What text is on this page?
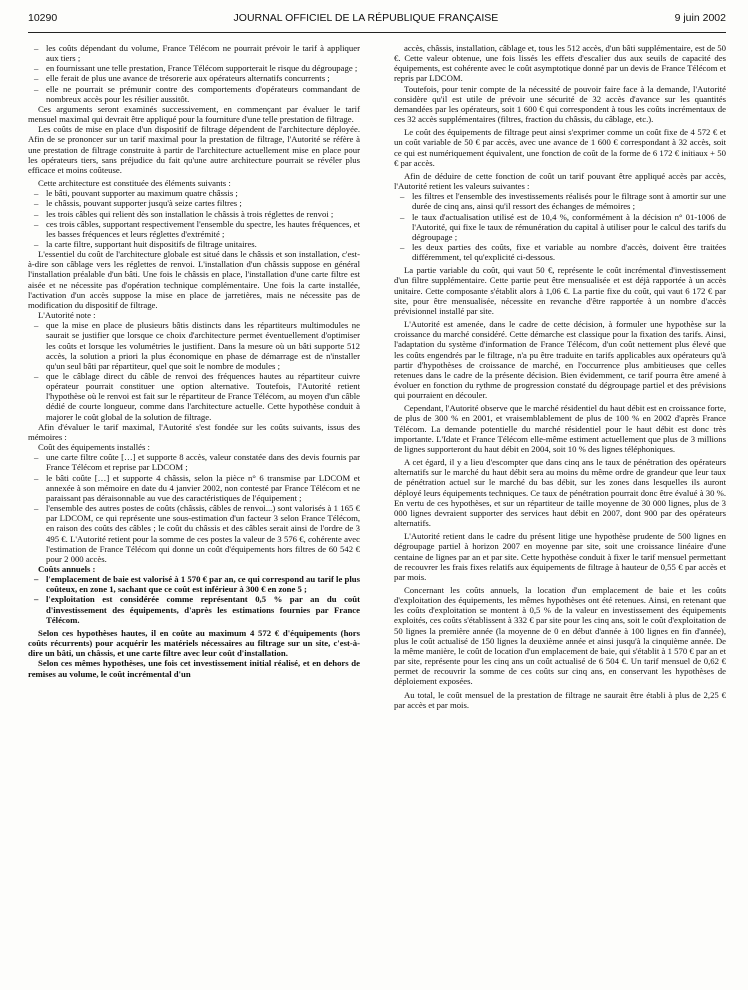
10290	JOURNAL OFFICIEL DE LA RÉPUBLIQUE FRANÇAISE	9 juin 2002
– les coûts dépendant du volume, France Télécom ne pourrait prévoir le tarif à appliquer aux tiers ;
– en fournissant une telle prestation, France Télécom supporterait le risque du dégroupage ;
– elle ferait de plus une avance de trésorerie aux opérateurs alternatifs concurrents ;
– elle ne pourrait se prémunir contre des comportements d'opérateurs commandant de nombreux accès pour les résilier aussitôt.

Ces arguments seront examinés successivement, en commençant par évaluer le tarif mensuel maximal qui devrait être appliqué pour la fourniture d'une telle prestation de filtrage.

Les coûts de mise en place d'un dispositif de filtrage dépendent de l'architecture déployée. Afin de se prononcer sur un tarif maximal pour la prestation de filtrage, l'Autorité se réfère à une prestation de filtrage construite à partir de l'architecture actuellement mise en place pour les opérateurs tiers, sans préjudice du fait qu'une autre architecture pourrait se révéler plus efficace et moins coûteuse.

Cette architecture est constituée des éléments suivants :

– le bâti, pouvant supporter au maximum quatre châssis ;
– le châssis, pouvant supporter jusqu'à seize cartes filtres ;
– les trois câbles qui relient dès son installation le châssis à trois réglettes de renvoi ;
– ces trois câbles, supportant respectivement l'ensemble du spectre, les hautes fréquences, et les basses fréquences et leurs réglettes d'extrémité ;
– la carte filtre, supportant huit dispositifs de filtrage unitaires.

L'essentiel du coût de l'architecture globale est situé dans le châssis et son installation, c'est-à-dire son câblage vers les réglettes de renvoi. L'installation d'un châssis suppose en général l'installation préalable d'un bâti. Une fois le châssis en place, l'installation d'une carte filtre est aisée et ne nécessite pas d'opération technique complémentaire. Une fois la carte installée, l'activation d'un accès suppose la mise en place de jarretières, mais ne nécessite pas de modification du dispositif de filtrage.

L'Autorité note :

– que la mise en place de plusieurs bâtis distincts dans les répartiteurs multimodules ne saurait se justifier que lorsque ce choix d'architecture permet éventuellement d'optimiser les coûts et lorsque les volumétries le justifient. Dans la mesure où un bâti supporte 512 accès, la solution a priori la plus économique en phase de démarrage est de n'installer qu'un seul bâti par répartiteur, quel que soit le nombre de modules ;
– que le câblage direct du câble de renvoi des fréquences hautes au répartiteur cuivre opérateur pourrait constituer une option alternative. Toutefois, l'Autorité retient l'hypothèse où le renvoi est fait sur le répartiteur de France Télécom, au moyen d'un câble dédié de courte longueur, comme dans l'architecture actuelle. Cette hypothèse conduit à majorer le coût global de la solution de filtrage.

Afin d'évaluer le tarif maximal, l'Autorité s'est fondée sur les coûts suivants, issus des mémoires :

Coût des équipements installés :

– une carte filtre coûte […] et supporte 8 accès, valeur constatée dans des devis fournis par France Télécom et reprise par LDCOM ;
– le bâti coûte […] et supporte 4 châssis, selon la pièce n° 6 transmise par LDCOM et annexée à son mémoire en date du 4 janvier 2002, non contesté par France Télécom et ne paraissant pas déraisonnable au vue des caractéristiques de l'équipement ;
– l'ensemble des autres postes de coûts (châssis, câbles de renvoi...) sont valorisés à 1 165 € par LDCOM, ce qui représente une sous-estimation d'un facteur 3 selon France Télécom, en raison des coûts des câbles ; le coût du châssis et des câbles serait ainsi de l'ordre de 3 495 €. L'Autorité retient pour la somme de ces postes la valeur de 3 576 €, cohérente avec l'estimation de France Télécom qui donne un coût d'équipements hors filtres de 60 542 € pour 2 000 accès.

Coûts annuels :

– l'emplacement de baie est valorisé à 1 570 € par an, ce qui correspond au tarif le plus coûteux, en zone 1, sachant que ce coût est inférieur à 300 € en zone 5 ;
– l'exploitation est considérée comme représentant 0,5 % par an du coût d'investissement des équipements, d'après les estimations fournies par France Télécom.

Selon ces hypothèses hautes, il en coûte au maximum 4 572 € d'équipements (hors coûts récurrents) pour acquérir les matériels nécessaires au filtrage sur un site, c'est-à-dire un bâti, un châssis, et une carte filtre avec leur coût d'installation.

Selon ces mêmes hypothèses, une fois cet investissement initial réalisé, et en dehors de remises au volume, le coût incrémental d'un

accès, châssis, installation, câblage et, tous les 512 accès, d'un bâti supplémentaire, est de 50 €. Cette valeur obtenue, une fois lissés les effets d'escalier dus aux seuils de capacité des équipements, est cohérente avec le coût asymptotique donné par un devis de France Télécom et repris par LDCOM.

Toutefois, pour tenir compte de la nécessité de pouvoir faire face à la demande, l'Autorité considère qu'il est utile de prévoir une sécurité de 32 accès d'avance sur les quantités demandées par les opérateurs, soit 1 600 € qui correspondent à tous les coûts incrémentaux de ces 32 accès supplémentaires (filtres, fraction du châssis, du câblage, etc.).

Le coût des équipements de filtrage peut ainsi s'exprimer comme un coût fixe de 4 572 € et un coût variable de 50 € par accès, avec une avance de 1 600 € correspondant à 32 accès, soit ce qui est numériquement équivalent, une fonction de coût de la forme de 6 172 € initiaux + 50 € par accès.

Afin de déduire de cette fonction de coût un tarif pouvant être appliqué accès par accès, l'Autorité retient les valeurs suivantes :

– les filtres et l'ensemble des investissements réalisés pour le filtrage sont à amortir sur une durée de cinq ans, ainsi qu'il ressort des échanges de mémoires ;
– le taux d'actualisation utilisé est de 10,4 %, conformément à la décision n° 01-1006 de l'Autorité, qui fixe le taux de rémunération du capital à utiliser pour le calcul des tarifs du dégroupage ;
– les deux parties des coûts, fixe et variable au nombre d'accès, doivent être traitées différemment, tel qu'explicité ci-dessous.

La partie variable du coût, qui vaut 50 €, représente le coût incrémental d'investissement d'un filtre supplémentaire. Cette partie peut être mensualisée et est déjà rapportée à un accès unitaire. Cette composante s'établit alors à 1,06 €. La partie fixe du coût, qui vaut 6 172 € par site, pour être mensualisée, nécessite en revanche d'être rapportée à un nombre d'accès prévisionnel installé par site.

L'Autorité est amenée, dans le cadre de cette décision, à formuler une hypothèse sur la croissance du marché considéré. Cette démarche est classique pour la fixation des tarifs. Ainsi, l'adaptation du système d'information de France Télécom, d'un coût nettement plus élevé que les coûts engendrés par le filtrage, n'a pu être traduite en tarifs applicables aux opérateurs qu'à partir d'hypothèses de croissance de marché, en l'occurrence plus ambitieuses que celles retenues dans le cadre de la présente décision. Bien évidemment, ce tarif pourra être amené à évoluer en fonction du rythme de progression constaté du dégroupage partiel et des prévisions qui pourraient en découler.

Cependant, l'Autorité observe que le marché résidentiel du haut débit est en croissance forte, de plus de 300 % en 2001, et vraisemblablement de plus de 100 % en 2002 d'après France Télécom. La demande potentielle du marché résidentiel pour le haut débit est donc très importante. L'Idate et France Télécom elle-même estiment actuellement que plus de 3 millions de lignes supporteront du haut débit en 2004, soit 10 % des lignes téléphoniques.

A cet égard, il y a lieu d'escompter que dans cinq ans le taux de pénétration des opérateurs alternatifs sur le marché du haut débit sera au moins du même ordre de grandeur que leur taux de pénétration actuel sur le marché du bas débit, sur les zones dans lesquelles ils auront déployé leurs équipements techniques. Ce taux de pénétration pourrait donc être évalué à 30 %. En vertu de ces hypothèses, et sur un répartiteur de taille moyenne de 30 000 lignes, plus de 3 000 lignes devraient supporter des services haut débit en 2007, dont 900 par des opérateurs alternatifs.

L'Autorité retient dans le cadre du présent litige une hypothèse prudente de 500 lignes en dégroupage partiel à horizon 2007 en moyenne par site, soit une croissance linéaire d'une centaine de lignes par an et par site. Cette hypothèse conduit à fixer le tarif mensuel permettant de recouvrer les frais fixes relatifs aux équipements de filtrage à hauteur de 0,55 € par accès et par mois.

Concernant les coûts annuels, la location d'un emplacement de baie et les coûts d'exploitation des équipements, les mêmes hypothèses ont été retenues. Ainsi, en retenant que les coûts d'exploitation se montent à 0,5 % de la valeur en investissement des équipements exploités, ces coûts s'établissent à 332 € par site pour les cinq ans, soit le coût d'exploitation de 50 lignes la première année (la moyenne de 0 en début d'année à 100 lignes en fin d'année), plus le coût actualisé de 150 lignes la deuxième année et ainsi jusqu'à la cinquième année. De la même manière, le coût de location d'un emplacement de baie, qui s'établit à 1 570 € par an et par site, représente pour les cinq ans un coût actualisé de 6 504 €. Un tarif mensuel de 0,62 € permet de recouvrir la somme de ces coûts sur cinq ans, en conservant les hypothèses de déploiement exposées.

Au total, le coût mensuel de la prestation de filtrage ne saurait être établi à plus de 2,25 € par accès et par mois.
